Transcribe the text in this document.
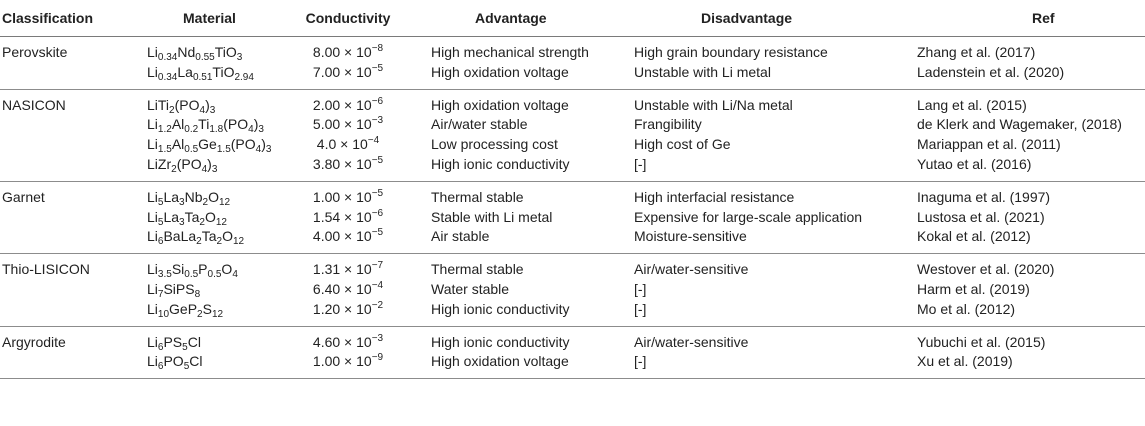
Classification	Material	Conductivity	Advantage	Disadvantage	Ref
Perovskite	$Li_{0.34}Nd_{0.55}TiO_3$	$8.00 \times 10^{-8}$	High mechanical strength	High grain boundary resistance	Zhang et al. (2017)
	$Li_{0.34}La_{0.51}TiO_{2.94}$	$7.00 \times 10^{-5}$	High oxidation voltage	Unstable with Li metal	Ladenstein et al. (2020)
NASICON	$LiTi_2(PO_4)_3$	$2.00 \times 10^{-6}$	High oxidation voltage	Unstable with Li/Na metal	Lang et al. (2015)
	$Li_{1.2}Al_{0.2}Ti_{1.8}(PO_4)_3$	$5.00 \times 10^{-3}$	Air/water stable	Frangibility	de Klerk and Wagemaker, (2018)
	$Li_{1.5}Al_{0.5}Ge_{1.5}(PO_4)_3$	$4.0 \times 10^{-4}$	Low processing cost	High cost of Ge	Mariappan et al. (2011)
	$LiZr_2(PO_4)_3$	$3.80 \times 10^{-5}$	High ionic conductivity	[-]	Yutao et al. (2016)
Garnet	$Li_5La_3Nb_2O_{12}$	$1.00 \times 10^{-5}$	Thermal stable	High interfacial resistance	Inaguma et al. (1997)
	$Li_5La_3Ta_2O_{12}$	$1.54 \times 10^{-6}$	Stable with Li metal	Expensive for large-scale application	Lustosa et al. (2021)
	$Li_6BaLa_2Ta_2O_{12}$	$4.00 \times 10^{-5}$	Air stable	Moisture-sensitive	Kokal et al. (2012)
Thio-LISICON	$Li_{3.5}Si_{0.5}P_{0.5}O_4$	$1.31 \times 10^{-7}$	Thermal stable	Air/water-sensitive	Westover et al. (2020)
	$Li_7SiPS_8$	$6.40 \times 10^{-4}$	Water stable	[-]	Harm et al. (2019)
	$Li_{10}GeP_2S_{12}$	$1.20 \times 10^{-2}$	High ionic conductivity	[-]	Mo et al. (2012)
Argyrodite	$Li_6PS_5Cl$	$4.60 \times 10^{-3}$	High ionic conductivity	Air/water-sensitive	Yubuchi et al. (2015)
	$Li_6PO_5Cl$	$1.00 \times 10^{-9}$	High oxidation voltage	[-]	Xu et al. (2019)
